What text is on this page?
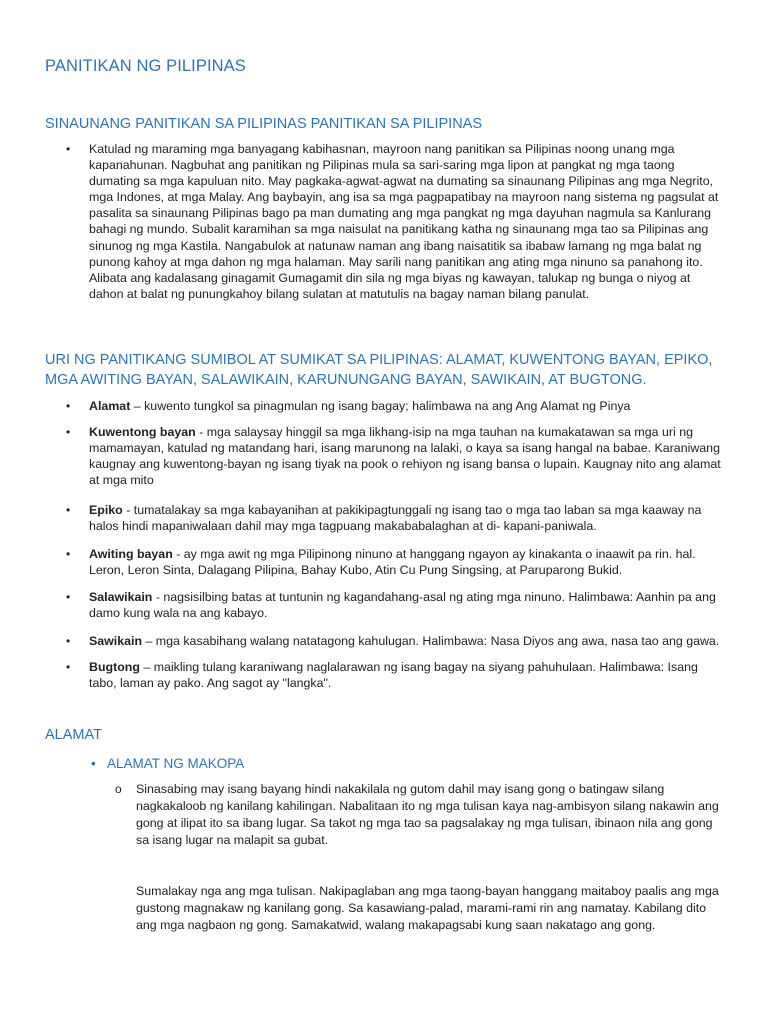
PANITIKAN NG PILIPINAS
SINAUNANG PANITIKAN SA PILIPINAS PANITIKAN SA PILIPINAS
• Katulad ng maraming mga banyagang kabihasnan, mayroon nang panitikan sa Pilipinas noong unang mga kapanahunan. Nagbuhat ang panitikan ng Pilipinas mula sa sari-saring mga lipon at pangkat ng mga taong dumating sa mga kapuluan nito. May pagkaka-agwat-agwat na dumating sa sinaunang Pilipinas ang mga Negrito, mga Indones, at mga Malay. Ang baybayin, ang isa sa mga pagpapatibay na mayroon nang sistema ng pagsulat at pasalita sa sinaunang Pilipinas bago pa man dumating ang mga pangkat ng mga dayuhan nagmula sa Kanlurang bahagi ng mundo. Subalit karamihan sa mga naisulat na panitikang katha ng sinaunang mga tao sa Pilipinas ang sinunog ng mga Kastila. Nangabulok at natunaw naman ang ibang naisatitik sa ibabaw lamang ng mga balat ng punong kahoy at mga dahon ng mga halaman. May sarili nang panitikan ang ating mga ninuno sa panahong ito. Alibata ang kadalasang ginagamit Gumagamit din sila ng mga biyas ng kawayan, talukap ng bunga o niyog at dahon at balat ng punungkahoy bilang sulatan at matutulis na bagay naman bilang panulat.
URI NG PANITIKANG SUMIBOL AT SUMIKAT SA PILIPINAS: ALAMAT, KUWENTONG BAYAN, EPIKO, MGA AWITING BAYAN, SALAWIKAIN, KARUNUNGANG BAYAN, SAWIKAIN, AT BUGTONG.
• Alamat – kuwento tungkol sa pinagmulan ng isang bagay; halimbawa na ang Ang Alamat ng Pinya
• Kuwentong bayan - mga salaysay hinggil sa mga likhang-isip na mga tauhan na kumakatawan sa mga uri ng mamamayan, katulad ng matandang hari, isang marunong na lalaki, o kaya sa isang hangal na babae. Karaniwang kaugnay ang kuwentong-bayan ng isang tiyak na pook o rehiyon ng isang bansa o lupain. Kaugnay nito ang alamat at mga mito
• Epiko - tumatalakay sa mga kabayanihan at pakikipagtunggali ng isang tao o mga tao laban sa mga kaaway na halos hindi mapaniwalaan dahil may mga tagpuang makababalaghan at di- kapani-paniwala.
• Awiting bayan - ay mga awit ng mga Pilipinong ninuno at hanggang ngayon ay kinakanta o inaawit pa rin. hal. Leron, Leron Sinta, Dalagang Pilipina, Bahay Kubo, Atin Cu Pung Singsing, at Paruparong Bukid.
• Salawikain - nagsisilbing batas at tuntunin ng kagandahang-asal ng ating mga ninuno. Halimbawa: Aanhin pa ang damo kung wala na ang kabayo.
• Sawikain – mga kasabihang walang natatagong kahulugan. Halimbawa: Nasa Diyos ang awa, nasa tao ang gawa.
• Bugtong – maikling tulang karaniwang naglalarawan ng isang bagay na siyang pahuhulaan. Halimbawa: Isang tabo, laman ay pako. Ang sagot ay "langka".
ALAMAT
• ALAMAT NG MAKOPA
o Sinasabing may isang bayang hindi nakakilala ng gutom dahil may isang gong o batingaw silang nagkakaloob ng kanilang kahilingan. Nabalitaan ito ng mga tulisan kaya nag-ambisyon silang nakawin ang gong at ilipat ito sa ibang lugar. Sa takot ng mga tao sa pagsalakay ng mga tulisan, ibinaon nila ang gong sa isang lugar na malapit sa gubat.
Sumalakay nga ang mga tulisan. Nakipaglaban ang mga taong-bayan hanggang maitaboy paalis ang mga gustong magnakaw ng kanilang gong. Sa kasawiang-palad, marami-rami rin ang namatay. Kabilang dito ang mga nagbaon ng gong. Samakatwid, walang makapagsabi kung saan nakatago ang gong.
